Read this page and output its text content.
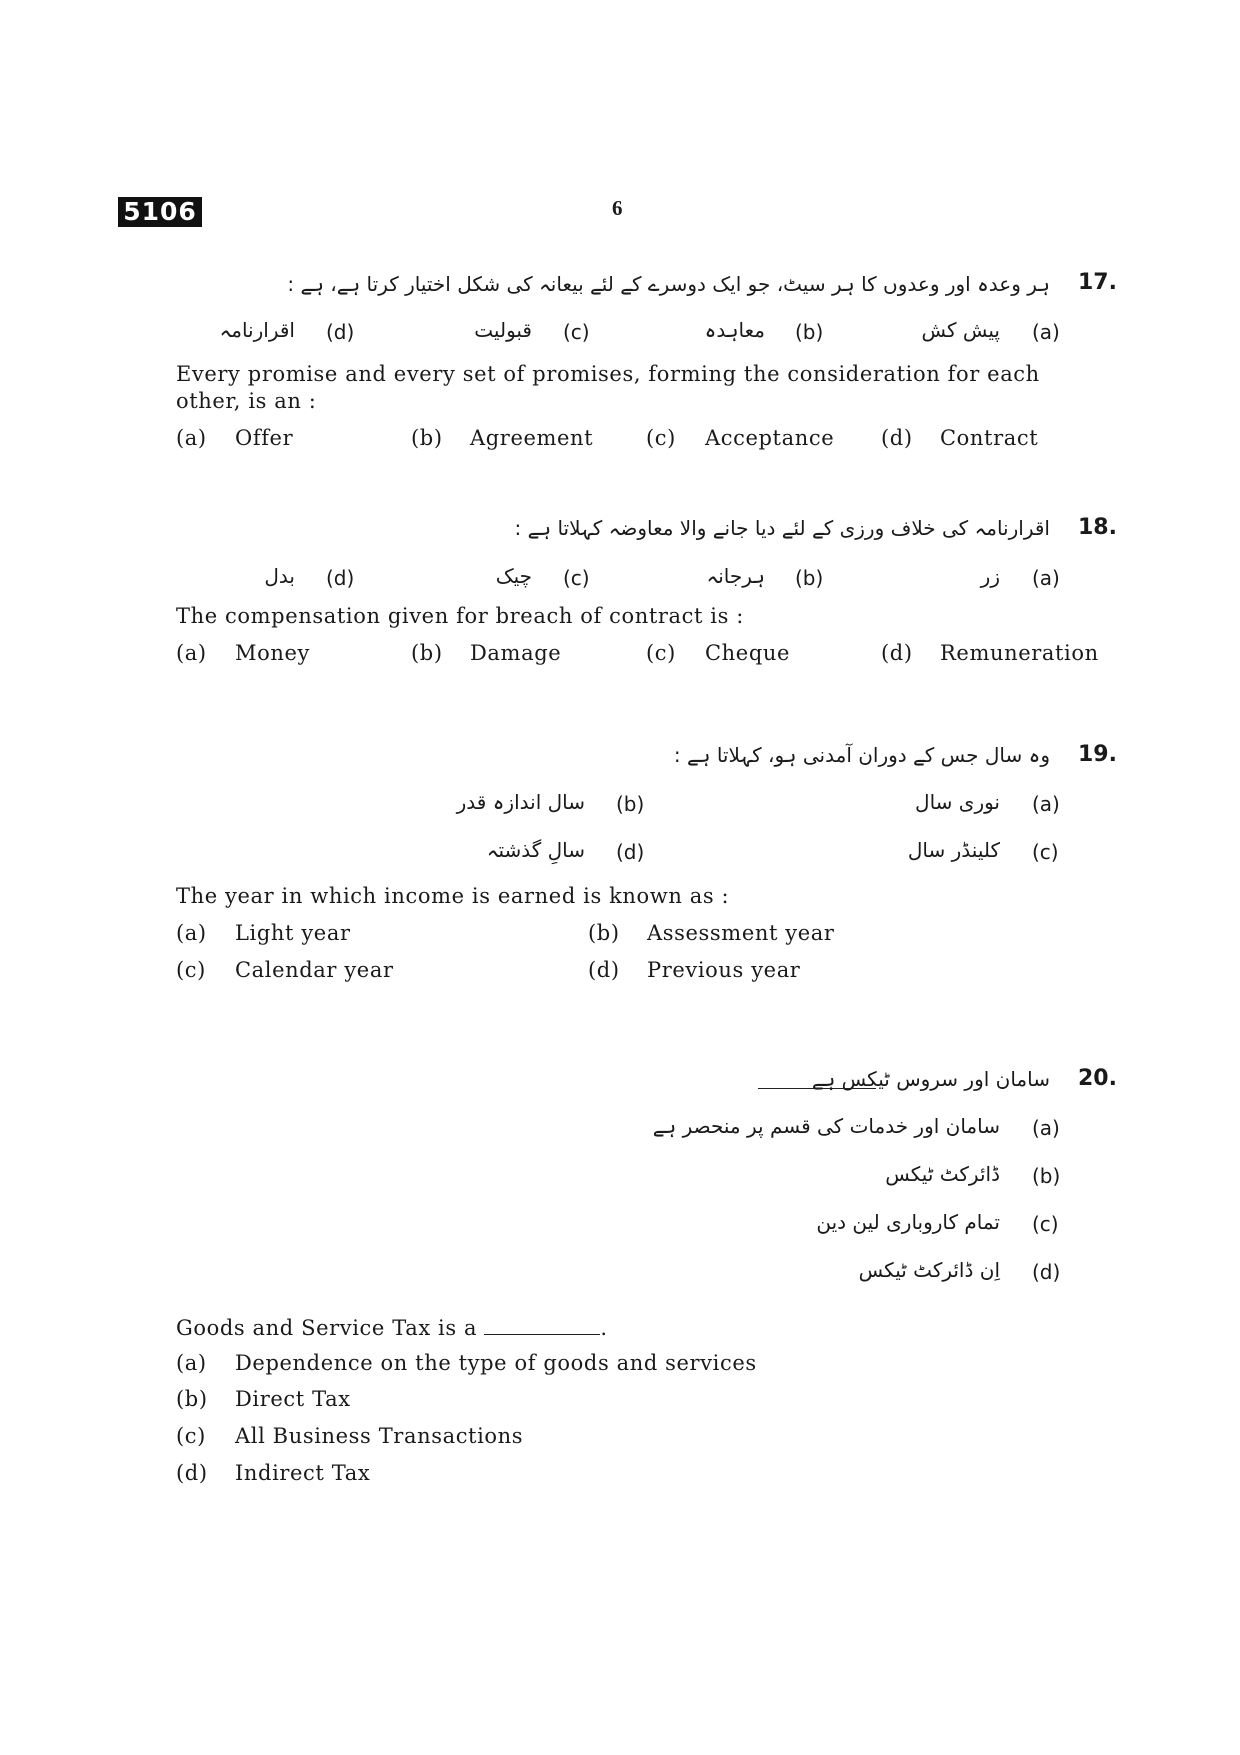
5106	6
17.
ہر وعدہ اور وعدوں کا ہر سیٹ، جو ایک دوسرے کے لئے بیعانہ کی شکل اختیار کرتا ہے، ہے :
(a)
پیش کش
(b)
معاہدہ
(c)
قبولیت
(d)
اقرارنامہ
Every promise and every set of promises, forming the consideration for each
other, is an :
(a) Offer	(b) Agreement	(c) Acceptance (d) Contract
18.
اقرارنامہ کی خلاف ورزی کے لئے دیا جانے والا معاوضہ کہلاتا ہے :
(a)
زر
(b)
ہرجانہ
(c)
چیک
(d)
بدل
The compensation given for breach of contract is :
(a) Money	(b) Damage	(c) Cheque	(d) Remuneration
19.
وہ سال جس کے دوران آمدنی ہو، کہلاتا ہے :
(a)
نوری سال
(b)
سال اندازہ قدر
(c)
کلینڈر سال
(d)
سالِ گذشتہ
The year in which income is earned is known as :
(a) Light year	(b) Assessment year
(c) Calendar year	(d) Previous year
20.
سامان اور سروس ٹیکس ہے
(a)
سامان اور خدمات کی قسم پر منحصر ہے
(b)
ڈائرکٹ ٹیکس
(c)
تمام کاروباری لین دین
(d)
اِن ڈائرکٹ ٹیکس
Goods and Service Tax is a	.
(a) Dependence on the type of goods and services
(b) Direct Tax
(c) All Business Transactions
(d) Indirect Tax
